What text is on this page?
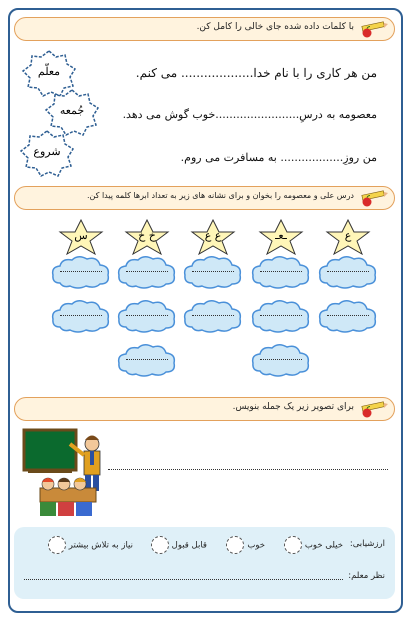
با کلمات داده شده جای خالی را کامل کن.
معلّم
جُمعه
شروع
من هر کاری را با نام خدا................... می کنم.
معصومه به درسِ........................خوب گوش می دهد.
من روزِ.................. به مسافرت می روم.
درس علی و معصومه را بخوان و برای نشانه های زیر به تعداد ابرها کلمه پیدا کن.
ع
ـعـ
ع ع
خ خ
س
برای تصویر زیر یک جمله بنویس.
ارزشیابی:
خیلی خوب
خوب
قابل قبول
نیاز به تلاش بیشتر
نظر معلم:
